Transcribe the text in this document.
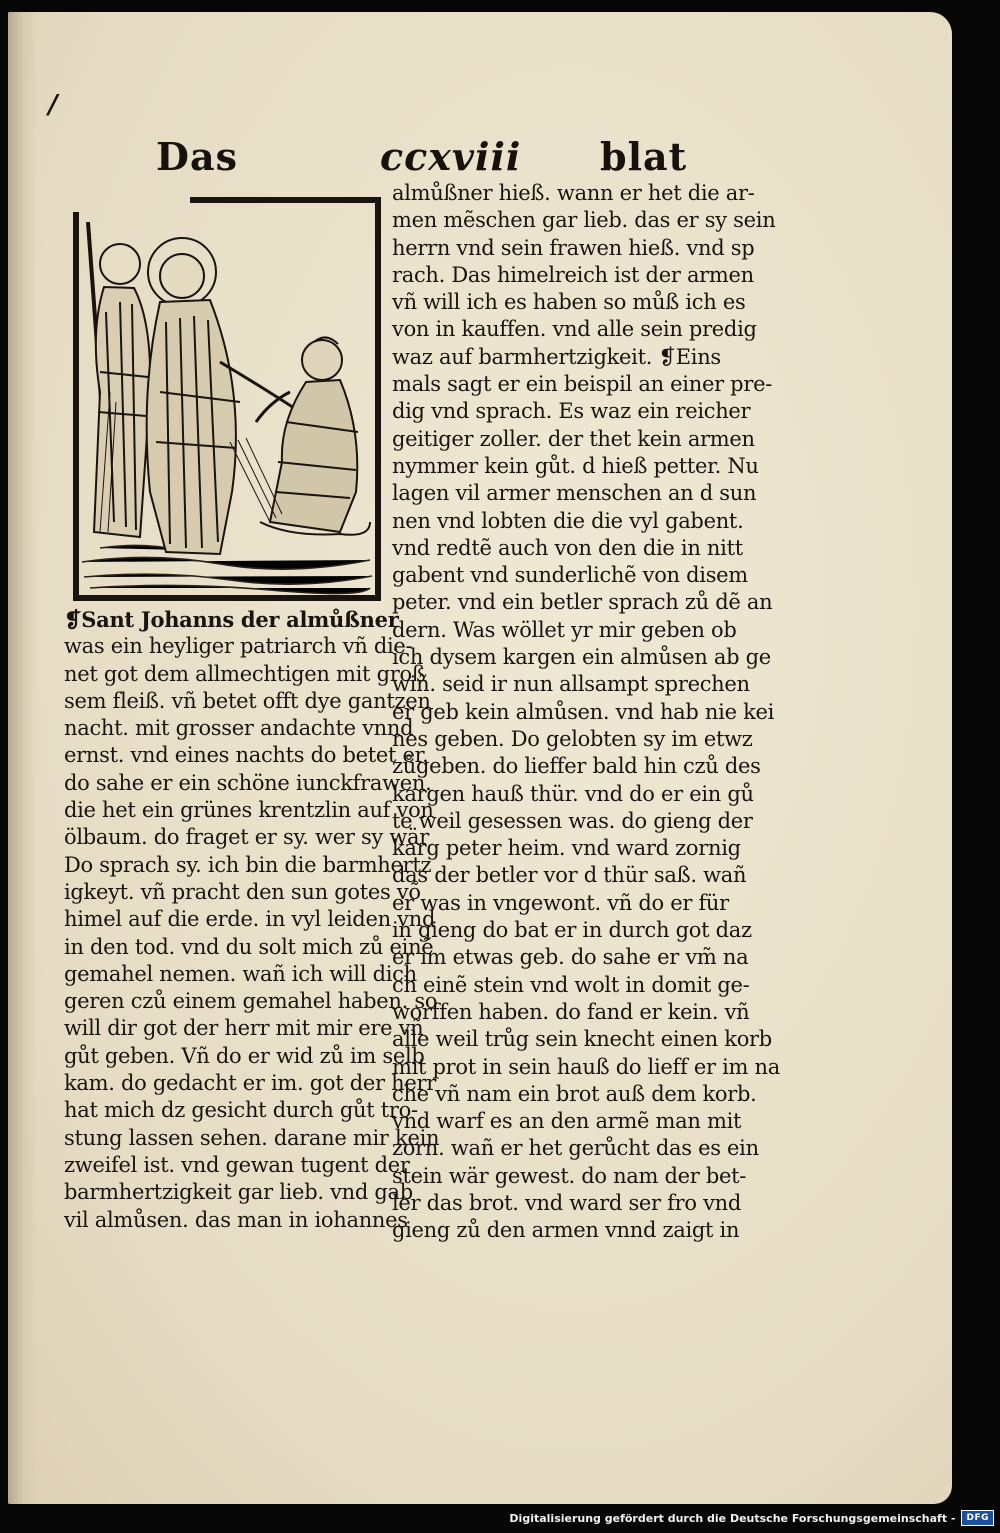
/
Das	ccxviii blat
❡Sant Johanns der almůßner
was ein heyliger patriarch vñ die-
net got dem allmechtigen mit groß
sem fleiß. vñ betet offt dye gantzen
nacht. mit grosser andachte vnnd
ernst. vnd eines nachts do betet er.
do sahe er ein schöne iunckfrawen.
die het ein grünes krentzlin auf von
ölbaum. do fraget er sy. wer sy wär
Do sprach sy. ich bin die barmhertz
igkeyt. vñ pracht den sun gotes võ
himel auf die erde. in vyl leiden vnd
in den tod. vnd du solt mich zů einẽ
gemahel nemen. wañ ich will dich
geren czů einem gemahel haben. so
will dir got der herr mit mir ere vñ
gůt geben. Vñ do er wid zů im selb
kam. do gedacht er im. got der herr
hat mich dz gesicht durch gůt tro-
stung lassen sehen. darane mir kein
zweifel ist. vnd gewan tugent der
barmhertzigkeit gar lieb. vnd gab
vil almůsen. das man in iohannes
almůßner hieß. wann er het die ar-
men mẽschen gar lieb. das er sy sein
herrn vnd sein frawen hieß. vnd sp
rach. Das himelreich ist der armen
vñ will ich es haben so můß ich es
von in kauffen. vnd alle sein predig
waz auf barmhertzigkeit. ❡Eins
mals sagt er ein beispil an einer pre-
dig vnd sprach. Es waz ein reicher
geitiger zoller. der thet kein armen
nymmer kein gůt. d hieß petter. Nu
lagen vil armer menschen an d sun
nen vnd lobten die die vyl gabent.
vnd redtẽ auch von den die in nitt
gabent vnd sunderlichẽ von disem
peter. vnd ein betler sprach zů dẽ an
dern. Was wöllet yr mir geben ob
ich dysem kargen ein almůsen ab ge
wiñ. seid ir nun allsampt sprechen
er geb kein almůsen. vnd hab nie kei
nes geben. Do gelobten sy im etwz
zůgeben. do lieffer bald hin czů des
kargen hauß thür. vnd do er ein gů
te weil gesessen was. do gieng der
karg peter heim. vnd ward zornig
das der betler vor d thür saß. wañ
er was in vngewont. vñ do er für
in gieng do bat er in durch got daz
er im etwas geb. do sahe er vm̃ na
ch einẽ stein vnd wolt in domit ge-
worffen haben. do fand er kein. vñ
alle weil trůg sein knecht einen korb
mit prot in sein hauß do lieff er im na
che vñ nam ein brot auß dem korb.
vnd warf es an den armẽ man mit
zorn. wañ er het gerůcht das es ein
stein wär gewest. do nam der bet-
ler das brot. vnd ward ser fro vnd
gieng zů den armen vnnd zaigt in
Digitalisierung gefördert durch die Deutsche Forschungsgemeinschaft -	DFG
